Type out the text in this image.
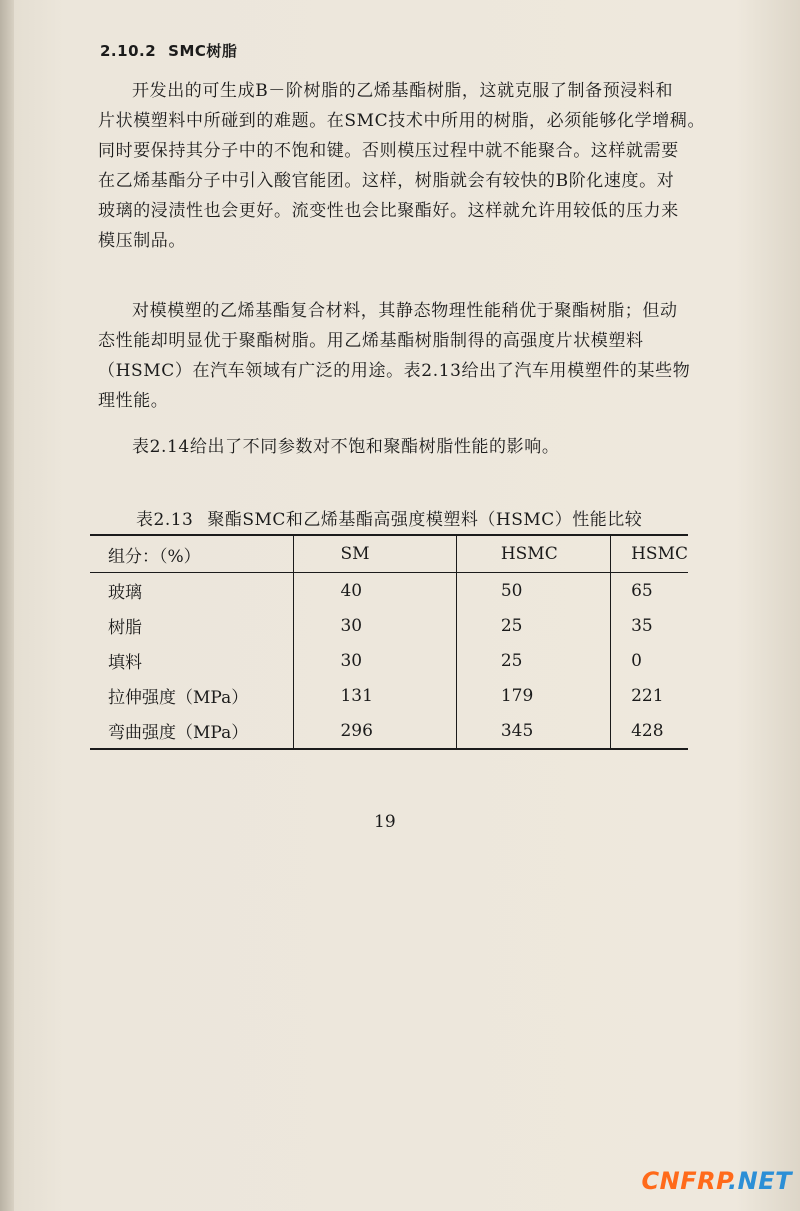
2.10.2 SMC树脂
开发出的可生成B－阶树脂的乙烯基酯树脂，这就克服了制备预浸料和
片状模塑料中所碰到的难题。在SMC技术中所用的树脂，必须能够化学增稠。
同时要保持其分子中的不饱和键。否则模压过程中就不能聚合。这样就需要
在乙烯基酯分子中引入酸官能团。这样，树脂就会有较快的B阶化速度。对
玻璃的浸渍性也会更好。流变性也会比聚酯好。这样就允许用较低的压力来
模压制品。
对模模塑的乙烯基酯复合材料，其静态物理性能稍优于聚酯树脂；但动
态性能却明显优于聚酯树脂。用乙烯基酯树脂制得的高强度片状模塑料
（HSMC）在汽车领域有广泛的用途。表2.13给出了汽车用模塑件的某些物
理性能。
表2.14给出了不同参数对不饱和聚酯树脂性能的影响。
表2.13 聚酯SMC和乙烯基酯高强度模塑料（HSMC）性能比较
组分：（%）	SM	HSMC	HSMC
玻璃	40	50	65
树脂	30	25	35
填料	30	25	0
拉伸强度（MPa）	131	179	221
弯曲强度（MPa）	296	345	428
19
CNFRP.NET
